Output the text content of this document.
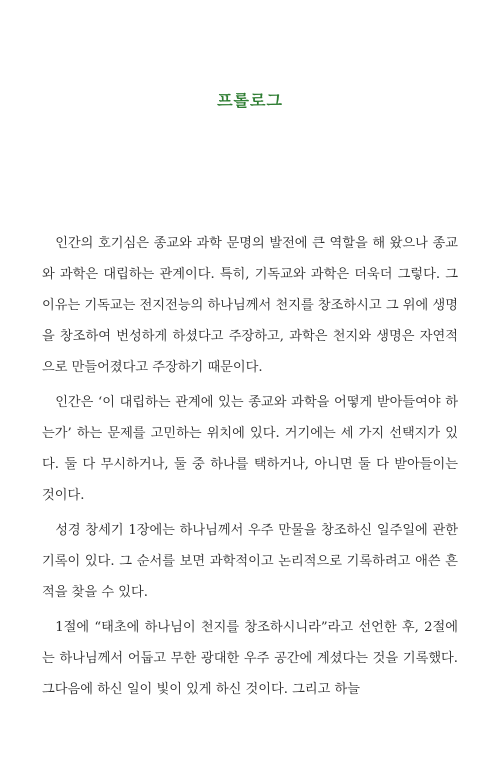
프롤로그

인간의 호기심은 종교와 과학 문명의 발전에 큰 역할을 해 왔으나 종교와 과학은 대립하는 관계이다. 특히, 기독교와 과학은 더욱더 그렇다. 그 이유는 기독교는 전지전능의 하나님께서 천지를 창조하시고 그 위에 생명을 창조하여 번성하게 하셨다고 주장하고, 과학은 천지와 생명은 자연적으로 만들어졌다고 주장하기 때문이다.

인간은 ‘이 대립하는 관계에 있는 종교와 과학을 어떻게 받아들여야 하는가’ 하는 문제를 고민하는 위치에 있다. 거기에는 세 가지 선택지가 있다. 둘 다 무시하거나, 둘 중 하나를 택하거나, 아니면 둘 다 받아들이는 것이다.

성경 창세기 1장에는 하나님께서 우주 만물을 창조하신 일주일에 관한 기록이 있다. 그 순서를 보면 과학적이고 논리적으로 기록하려고 애쓴 흔적을 찾을 수 있다.

1절에 “태초에 하나님이 천지를 창조하시니라”라고 선언한 후, 2절에는 하나님께서 어둡고 무한 광대한 우주 공간에 계셨다는 것을 기록했다. 그다음에 하신 일이 빛이 있게 하신 것이다. 그리고 하늘
